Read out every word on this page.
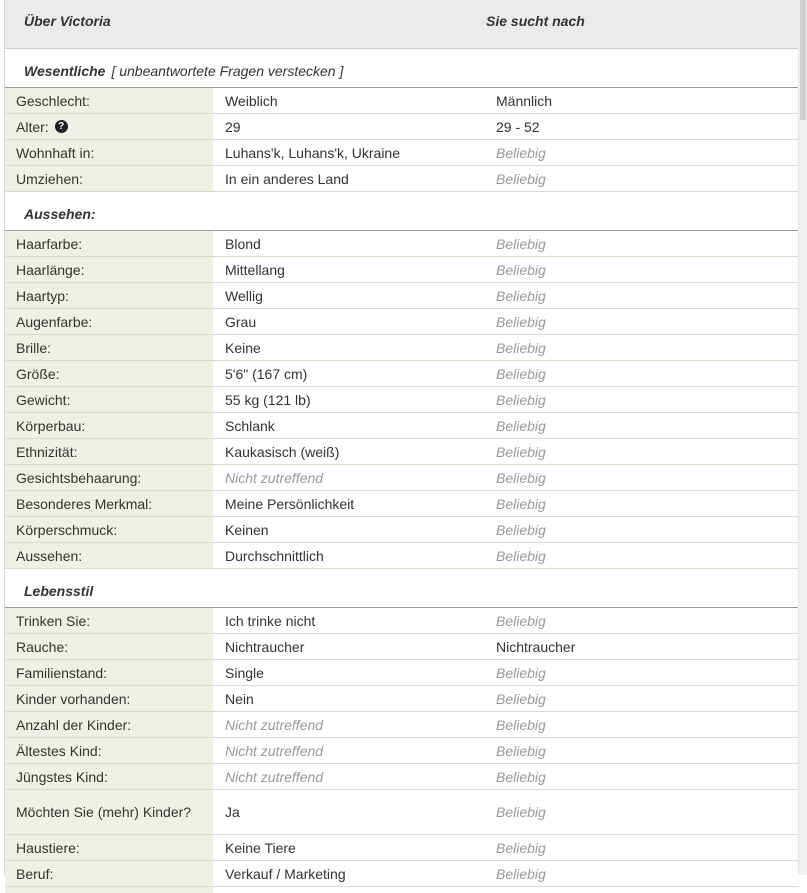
Über Victoria	Sie sucht nach
Wesentliche [ unbeantwortete Fragen verstecken ]
Geschlecht:	Weiblich	Männlich
Alter: ?	29	29 - 52
Wohnhaft in:	Luhans'k, Luhans'k, Ukraine	Beliebig
Umziehen:	In ein anderes Land	Beliebig
Aussehen:
Haarfarbe:	Blond	Beliebig
Haarlänge:	Mittellang	Beliebig
Haartyp:	Wellig	Beliebig
Augenfarbe:	Grau	Beliebig
Brille:	Keine	Beliebig
Größe:	5'6" (167 cm)	Beliebig
Gewicht:	55 kg (121 lb)	Beliebig
Körperbau:	Schlank	Beliebig
Ethnizität:	Kaukasisch (weiß)	Beliebig
Gesichtsbehaarung:	Nicht zutreffend	Beliebig
Besonderes Merkmal:	Meine Persönlichkeit	Beliebig
Körperschmuck:	Keinen	Beliebig
Aussehen:	Durchschnittlich	Beliebig
Lebensstil
Trinken Sie:	Ich trinke nicht	Beliebig
Rauche:	Nichtraucher	Nichtraucher
Familienstand:	Single	Beliebig
Kinder vorhanden:	Nein	Beliebig
Anzahl der Kinder:	Nicht zutreffend	Beliebig
Ältestes Kind:	Nicht zutreffend	Beliebig
Jüngstes Kind:	Nicht zutreffend	Beliebig
Möchten Sie (mehr) Kinder?	Ja	Beliebig
Haustiere:	Keine Tiere	Beliebig
Beruf:	Verkauf / Marketing	Beliebig
